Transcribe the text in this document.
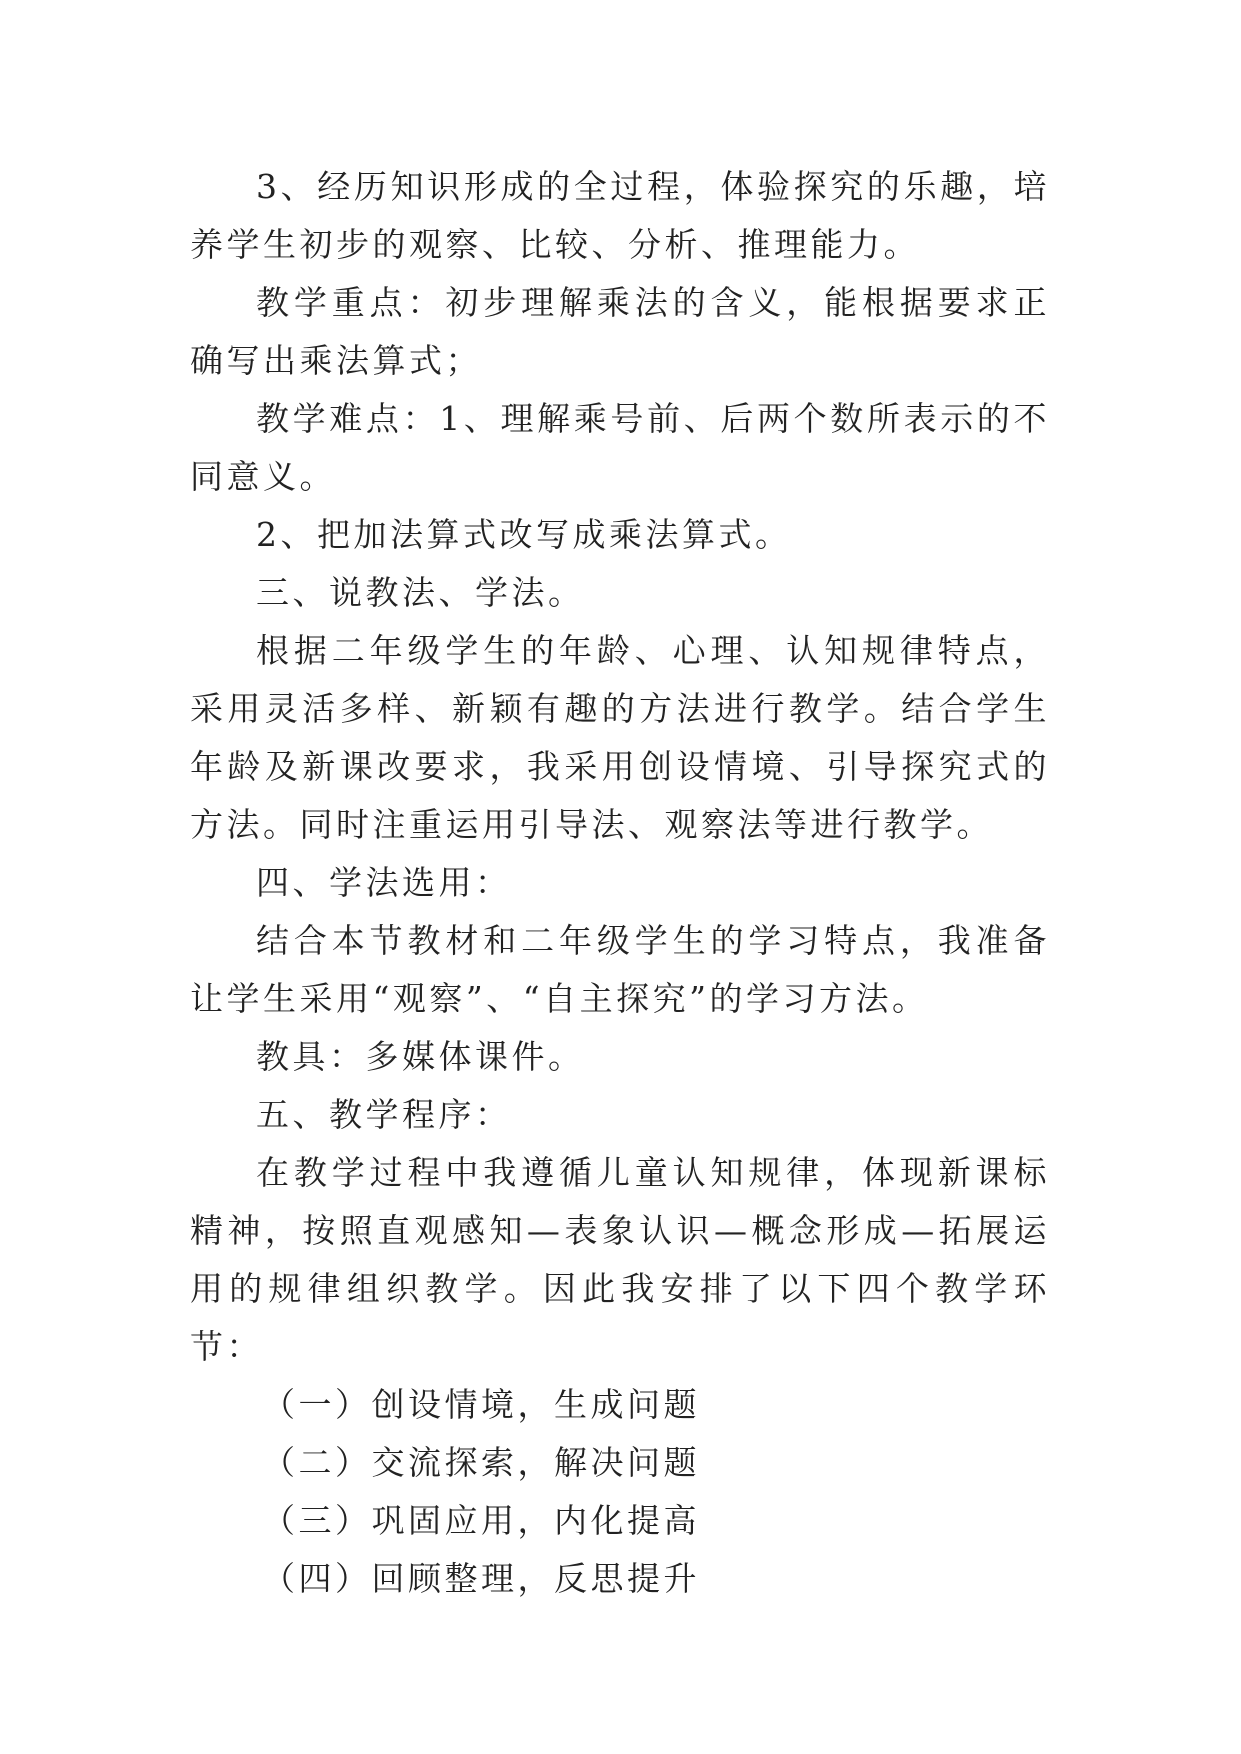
3、经历知识形成的全过程，体验探究的乐趣，培养学生初步的观察、比较、分析、推理能力。

教学重点：初步理解乘法的含义，能根据要求正确写出乘法算式；

教学难点：1、理解乘号前、后两个数所表示的不同意义。

2、把加法算式改写成乘法算式。

三、说教法、学法。

根据二年级学生的年龄、心理、认知规律特点，采用灵活多样、新颖有趣的方法进行教学。结合学生年龄及新课改要求，我采用创设情境、引导探究式的方法。同时注重运用引导法、观察法等进行教学。

四、学法选用：

结合本节教材和二年级学生的学习特点，我准备让学生采用“观察”、“自主探究”的学习方法。

教具：多媒体课件。

五、教学程序：

在教学过程中我遵循儿童认知规律，体现新课标精神，按照直观感知—表象认识—概念形成—拓展运用的规律组织教学。因此我安排了以下四个教学环节：

（一）创设情境，生成问题

（二）交流探索，解决问题

（三）巩固应用，内化提高

（四）回顾整理，反思提升
